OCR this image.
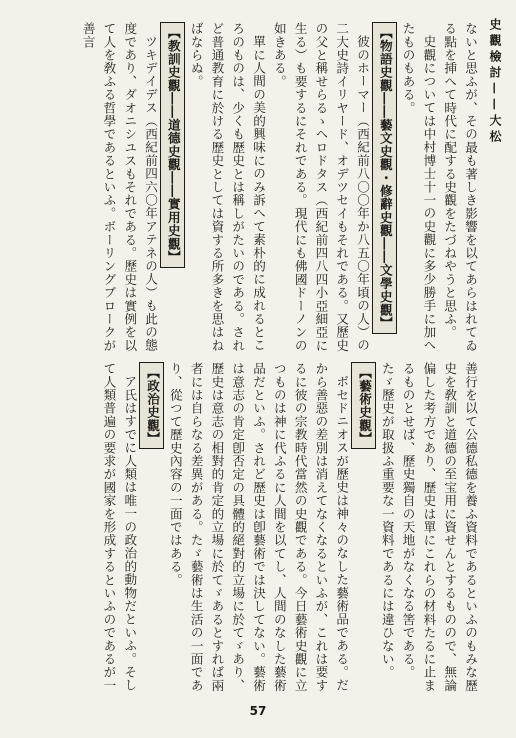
史觀檢討——大松

ないと思ふが、その最も著しき影響を以てあらはれてゐる點を挿へて時代に配する史觀をたづねやうと思ふ。

史觀については中村博士十一の史觀に多少勝手に加へたものもある。

【物語史觀――藝文史觀・修辭史觀――文學史觀】

彼のホーマー（西紀前八〇〇年か八五〇年頃の人）の二大史詩イリヤード、オデツセイもそれである。又歷史の父と稱せらるゝヘロドタス（西紀前四八四小亞細亞に生る）も要するにそれである。現代にも佛國ドーノンの如きある。

單に人間の美的興味にのみ訴へて素朴的に成れるところのものは、少くも歷史とは稱しがたいのである。されど普通教育に於ける歷史としては資する所多きを思はねばならぬ。

【教訓史觀――道德史觀――實用史觀】

ツキデイデス（西紀前四六〇年アテネの人）も此の態度であり、ダオニシユスもそれである。歷史は實例を以て人を敎ふる哲學であるといふ。ボーリングブロークが善言

善行を以て公德私德を養ふ資料であるといふのもみな歷史を敎訓と道德の至宝用に資せんとするものので、無論偏した考方であり、歷史は單にこれらの材料たるに止まるものとせば、歷史獨自の天地がなくなる筈である。たゞ歷史が取扱ふ重要な一資料であるには違ひない。

【藝術史觀】

ボセドニオスが歷史は神々のなした藝術品である。だから善惡の差別は消えてなくなるといふが、これは要するに彼の宗教時代當然の史觀である。今日藝術史觀に立つものは神に代ふるに人間を以てし、人間のなした藝術品だといふ。されど歷史は卽藝術では決してない。藝術は意志の肯定卽否定の具體的絕對的立場に於てゞあり、歷史は意志の相對的肯定的立場に於てゞあるとすれば兩者には自らなる差異がある。たゞ藝術は生活の一面であり、從つて歷史內容の一面ではある。

【政治史觀】

ア氏はすでに人類は唯一の政治的動物だといふ。そして人類普遍の要求が國家を形成するといふのであるが一

57
